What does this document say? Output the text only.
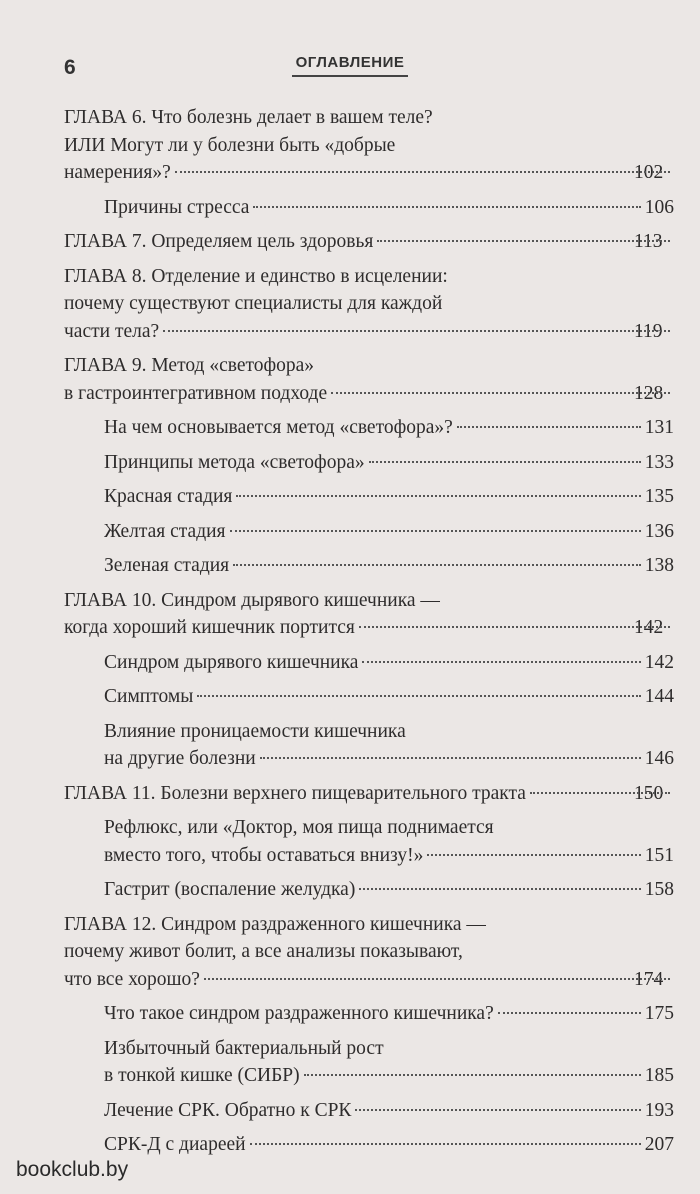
6	ОГЛАВЛЕНИЕ
ГЛАВА 6. Что болезнь делает в вашем теле?
ИЛИ Могут ли у болезни быть «добрые
намерения»?	102
Причины стресса	106
ГЛАВА 7. Определяем цель здоровья	113
ГЛАВА 8. Отделение и единство в исцелении:
почему существуют специалисты для каждой
части тела?	119
ГЛАВА 9. Метод «светофора»
в гастроинтегративном подходе	128
На чем основывается метод «светофора»?	131
Принципы метода «светофора»	133
Красная стадия	135
Желтая стадия	136
Зеленая стадия	138
ГЛАВА 10. Синдром дырявого кишечника —
когда хороший кишечник портится	142
Синдром дырявого кишечника	142
Симптомы	144
Влияние проницаемости кишечника
на другие болезни	146
ГЛАВА 11. Болезни верхнего пищеварительного тракта	150
Рефлюкс, или «Доктор, моя пища поднимается
вместо того, чтобы оставаться внизу!»	151
Гастрит (воспаление желудка)	158
ГЛАВА 12. Синдром раздраженного кишечника —
почему живот болит, а все анализы показывают,
что все хорошо?	174
Что такое синдром раздраженного кишечника?	175
Избыточный бактериальный рост
в тонкой кишке (СИБР)	185
Лечение СРК. Обратно к СРК	193
СРК-Д с диареей	207
bookclub.by
